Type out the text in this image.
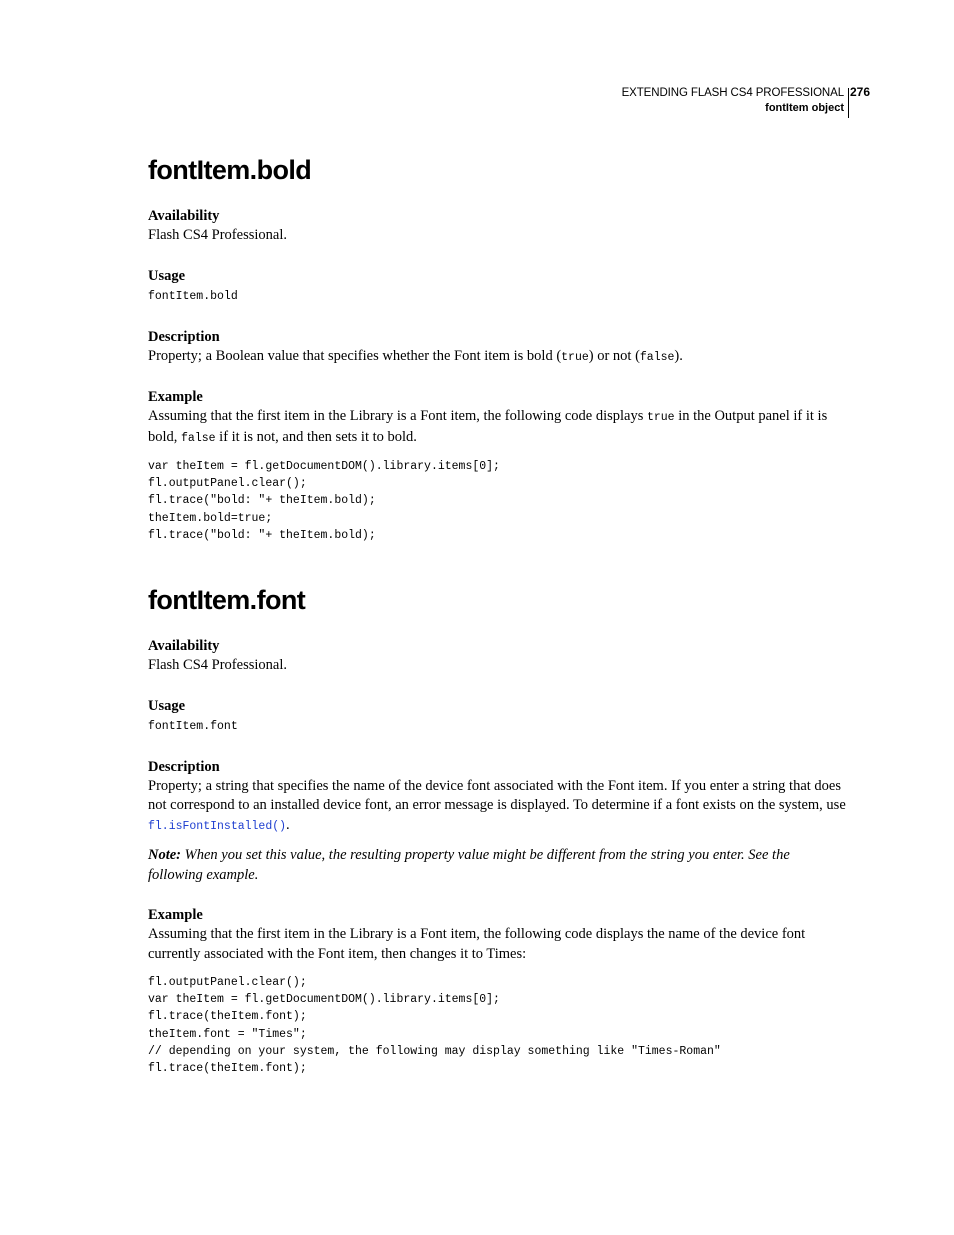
EXTENDING FLASH CS4 PROFESSIONAL
fontItem object
276
fontItem.bold
Availability

Flash CS4 Professional.

Usage
fontItem.bold
Description

Property; a Boolean value that specifies whether the Font item is bold (true) or not (false).

Example

Assuming that the first item in the Library is a Font item, the following code displays true in the Output panel if it is bold, false if it is not, and then sets it to bold.

var theItem = fl.getDocumentDOM().library.items[0];
fl.outputPanel.clear();
fl.trace("bold: "+ theItem.bold);
theItem.bold=true;
fl.trace("bold: "+ theItem.bold);
fontItem.font
Availability

Flash CS4 Professional.

Usage
fontItem.font
Description

Property; a string that specifies the name of the device font associated with the Font item. If you enter a string that does not correspond to an installed device font, an error message is displayed. To determine if a font exists on the system, use fl.isFontInstalled().

Note: When you set this value, the resulting property value might be different from the string you enter. See the following example.

Example

Assuming that the first item in the Library is a Font item, the following code displays the name of the device font currently associated with the Font item, then changes it to Times:

fl.outputPanel.clear();
var theItem = fl.getDocumentDOM().library.items[0];
fl.trace(theItem.font);
theItem.font = "Times";
// depending on your system, the following may display something like "Times-Roman"
fl.trace(theItem.font);
